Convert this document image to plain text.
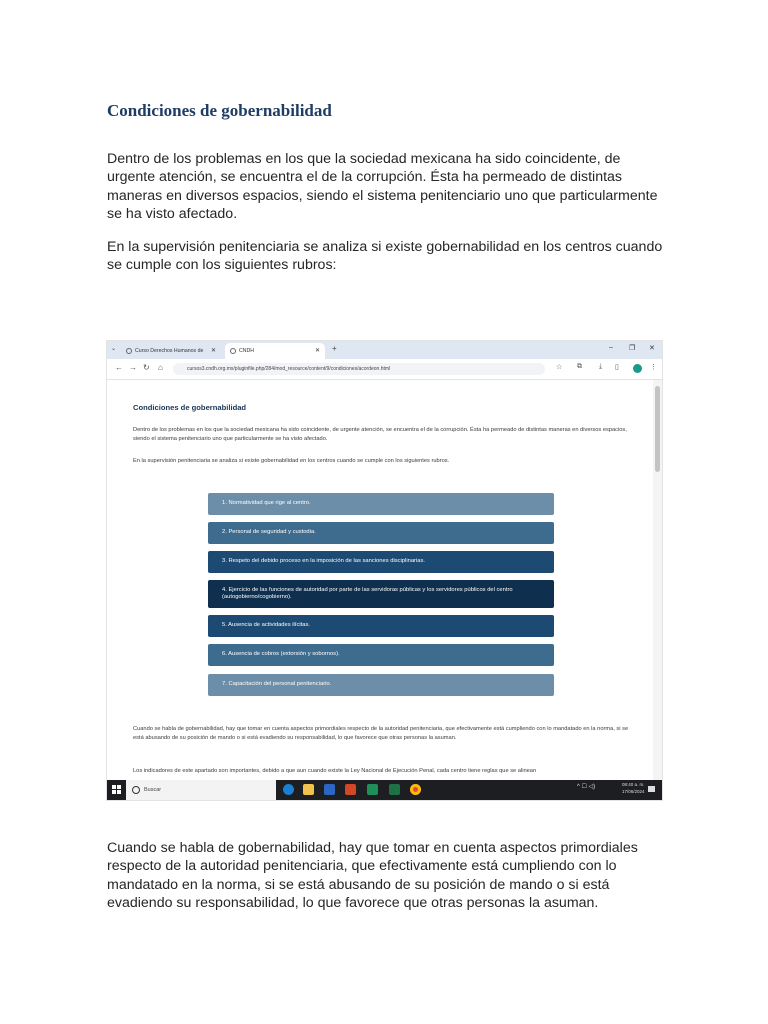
Condiciones de gobernabilidad

Dentro de los problemas en los que la sociedad mexicana ha sido coincidente, de urgente atención, se encuentra el de la corrupción. Ésta ha permeado de distintas maneras en diversos espacios, siendo el sistema penitenciario uno que particularmente se ha visto afectado.

En la supervisión penitenciaria se analiza si existe gobernabilidad en los centros cuando se cumple con los siguientes rubros:

⌄	Curso Derechos Humanos de ✕	CNDH	✕ +	– ❐ ✕
← → ↻ ⌂	cursos3.cndh.org.mx/pluginfile.php/284/mod_resource/content/9/condiciones/acordeon.html	☆ ⧉ ⤓ ▯	⋮
Condiciones de gobernabilidad

Dentro de los problemas en los que la sociedad mexicana ha sido coincidente, de urgente atención, se encuentra el de la corrupción. Ésta ha permeado de distintas maneras en diversos espacios, siendo el sistema penitenciario uno que particularmente se ha visto afectado.

En la supervisión penitenciaria se analiza si existe gobernabilidad en los centros cuando se cumple con los siguientes rubros.

1. Normatividad que rige al centro.
2. Personal de seguridad y custodia.
3. Respeto del debido proceso en la imposición de las sanciones disciplinarias.
4. Ejercicio de las funciones de autoridad por parte de las servidoras públicas y los servidores públicos del centro (autogobierno/cogobierno).
5. Ausencia de actividades ilícitas.
6. Ausencia de cobros (extorsión y sobornos).
7. Capacitación del personal penitenciario.

Cuando se habla de gobernabilidad, hay que tomar en cuenta aspectos primordiales respecto de la autoridad penitenciaria, que efectivamente está cumpliendo con lo mandatado en la norma, si se está abusando de su posición de mando o si está evadiendo su responsabilidad, lo que favorece que otras personas la asuman.

Los indicadores de este apartado son importantes, debido a que aun cuando existe la Ley Nacional de Ejecución Penal, cada centro tiene reglas que se alinean

Buscar	^ ☐ ◁)	08:40 a. m.
17/06/2024

Cuando se habla de gobernabilidad, hay que tomar en cuenta aspectos primordiales respecto de la autoridad penitenciaria, que efectivamente está cumpliendo con lo mandatado en la norma, si se está abusando de su posición de mando o si está evadiendo su responsabilidad, lo que favorece que otras personas la asuman.
